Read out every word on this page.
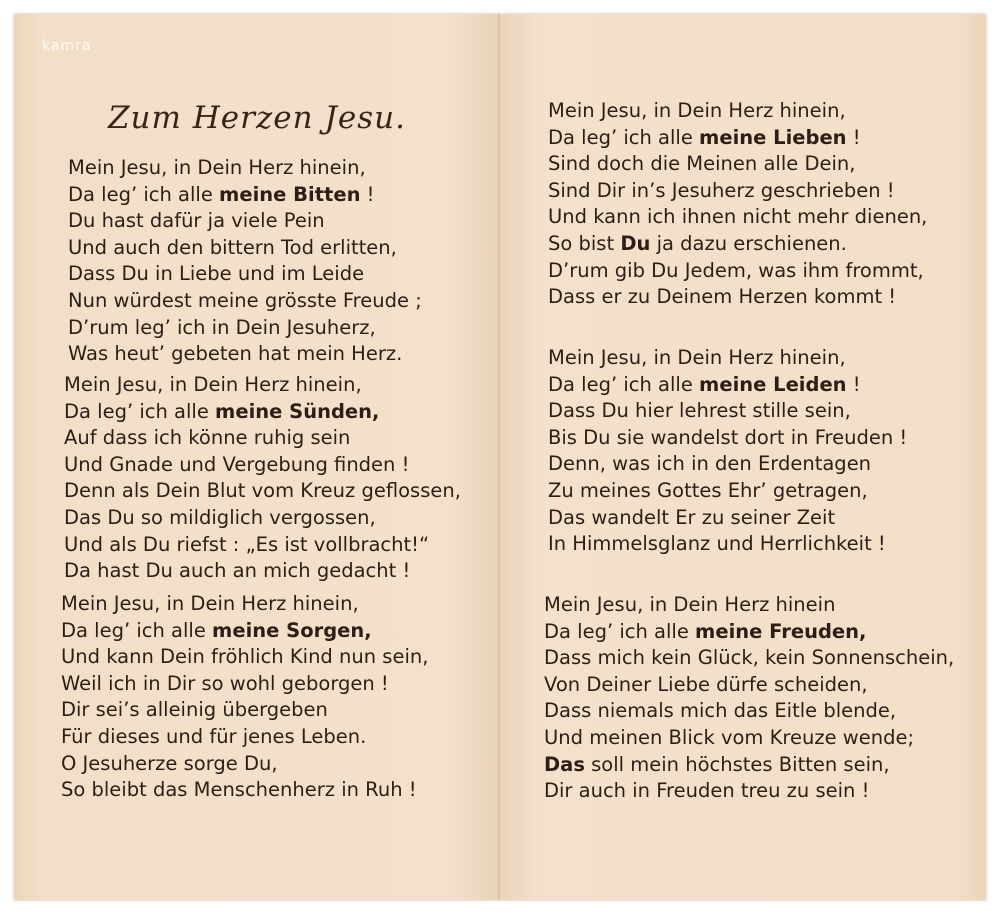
kamra
Zum Herzen Jesu.
Mein Jesu, in Dein Herz hinein,
Da leg’ ich alle meine Bitten !
Du hast dafür ja viele Pein
Und auch den bittern Tod erlitten,
Dass Du in Liebe und im Leide
Nun würdest meine grösste Freude ;
D’rum leg’ ich in Dein Jesuherz,
Was heut’ gebeten hat mein Herz.
Mein Jesu, in Dein Herz hinein,
Da leg’ ich alle meine Sünden,
Auf dass ich könne ruhig sein
Und Gnade und Vergebung finden !
Denn als Dein Blut vom Kreuz geflossen,
Das Du so mildiglich vergossen,
Und als Du riefst : „Es ist vollbracht!“
Da hast Du auch an mich gedacht !
Mein Jesu, in Dein Herz hinein,
Da leg’ ich alle meine Sorgen,
Und kann Dein fröhlich Kind nun sein,
Weil ich in Dir so wohl geborgen !
Dir sei’s alleinig übergeben
Für dieses und für jenes Leben.
O Jesuherze sorge Du,
So bleibt das Menschenherz in Ruh !
Mein Jesu, in Dein Herz hinein,
Da leg’ ich alle meine Lieben !
Sind doch die Meinen alle Dein,
Sind Dir in’s Jesuherz geschrieben !
Und kann ich ihnen nicht mehr dienen,
So bist Du ja dazu erschienen.
D’rum gib Du Jedem, was ihm frommt,
Dass er zu Deinem Herzen kommt !
Mein Jesu, in Dein Herz hinein,
Da leg’ ich alle meine Leiden !
Dass Du hier lehrest stille sein,
Bis Du sie wandelst dort in Freuden !
Denn, was ich in den Erdentagen
Zu meines Gottes Ehr’ getragen,
Das wandelt Er zu seiner Zeit
In Himmelsglanz und Herrlichkeit !
Mein Jesu, in Dein Herz hinein
Da leg’ ich alle meine Freuden,
Dass mich kein Glück, kein Sonnenschein,
Von Deiner Liebe dürfe scheiden,
Dass niemals mich das Eitle blende,
Und meinen Blick vom Kreuze wende;
Das soll mein höchstes Bitten sein,
Dir auch in Freuden treu zu sein !
